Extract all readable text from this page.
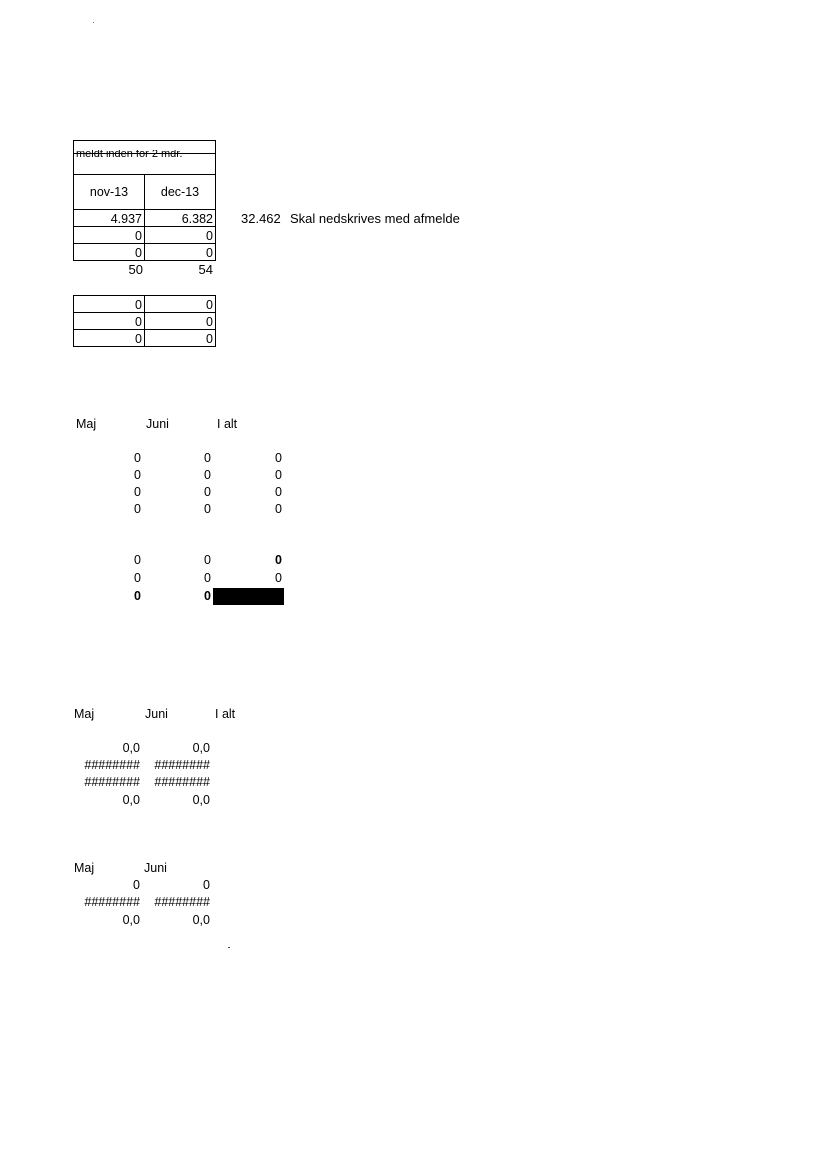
meldt inden for 2 mdr.
nov-13	dec-13
4.937	6.382
0	0
0	0
50	54
32.462 Skal nedskrives med afmelde
0	0
0	0
0	0
Maj	Juni	I alt
0	0	0
0	0	0
0	0	0
0	0	0
0	0	0
0	0	0
0	0
Maj	Juni	I alt
0,0	0,0
########	########
########	########
0,0	0,0
Maj	Juni
0	0
########	########
0,0	0,0
